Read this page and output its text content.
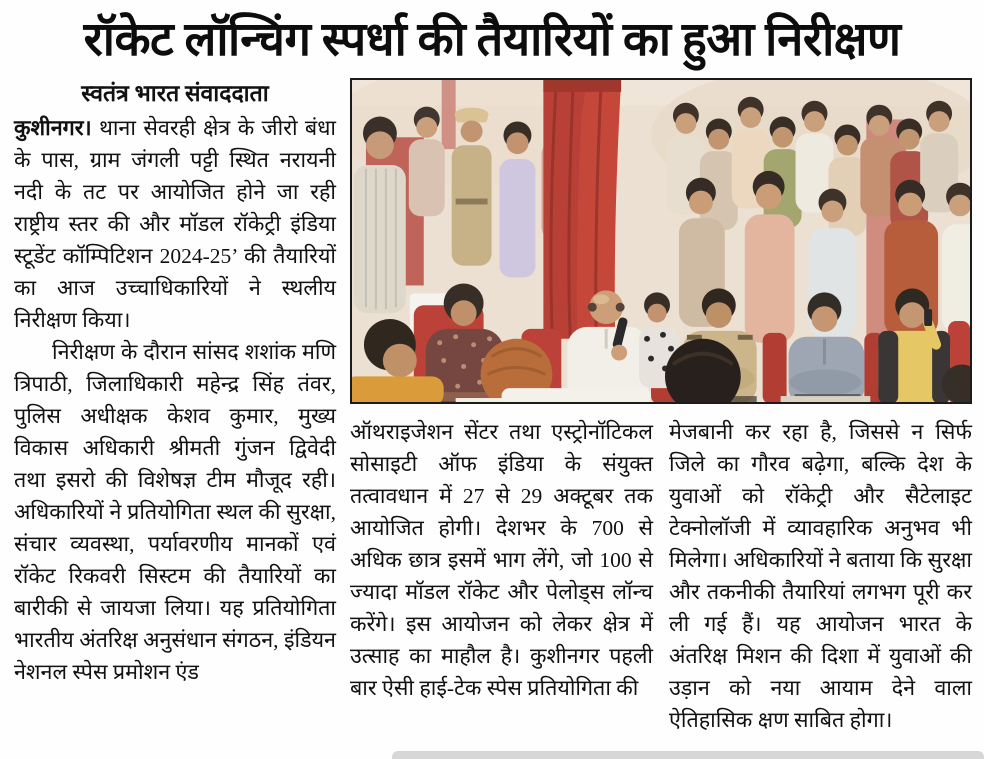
रॉकेट लॉन्चिंग स्पर्धा की तैयारियों का हुआ निरीक्षण
स्वतंत्र भारत संवाददाता

कुशीनगर। थाना सेवरही क्षेत्र के जीरो बंधा के पास, ग्राम जंगली पट्टी स्थित नरायनी नदी के तट पर आयोजित होने जा रही राष्ट्रीय स्तर की और मॉडल रॉकेट्री इंडिया स्टूडेंट कॉम्पिटिशन 2024-25’ की तैयारियों का आज उच्चाधिकारियों ने स्थलीय निरीक्षण किया।

निरीक्षण के दौरान सांसद शशांक मणि त्रिपाठी, जिलाधिकारी महेन्द्र सिंह तंवर, पुलिस अधीक्षक केशव कुमार, मुख्य विकास अधिकारी श्रीमती गुंजन द्विवेदी तथा इसरो की विशेषज्ञ टीम मौजूद रही। अधिकारियों ने प्रतियोगिता स्थल की सुरक्षा, संचार व्यवस्था, पर्यावरणीय मानकों एवं रॉकेट रिकवरी सिस्टम की तैयारियों का बारीकी से जायजा लिया। यह प्रतियोगिता भारतीय अंतरिक्ष अनुसंधान संगठन, इंडियन नेशनल स्पेस प्रमोशन एंड

ऑथराइजेशन सेंटर तथा एस्ट्रोनॉटिकल सोसाइटी ऑफ इंडिया के संयुक्त तत्वावधान में 27 से 29 अक्टूबर तक आयोजित होगी। देशभर के 700 से अधिक छात्र इसमें भाग लेंगे, जो 100 से ज्यादा मॉडल रॉकेट और पेलोड्स लॉन्च करेंगे। इस आयोजन को लेकर क्षेत्र में उत्साह का माहौल है। कुशीनगर पहली बार ऐसी हाई-टेक स्पेस प्रतियोगिता की

मेजबानी कर रहा है, जिससे न सिर्फ जिले का गौरव बढ़ेगा, बल्कि देश के युवाओं को रॉकेट्री और सैटेलाइट टेक्नोलॉजी में व्यावहारिक अनुभव भी मिलेगा। अधिकारियों ने बताया कि सुरक्षा और तकनीकी तैयारियां लगभग पूरी कर ली गई हैं। यह आयोजन भारत के अंतरिक्ष मिशन की दिशा में युवाओं की उड़ान को नया आयाम देने वाला ऐतिहासिक क्षण साबित होगा।
